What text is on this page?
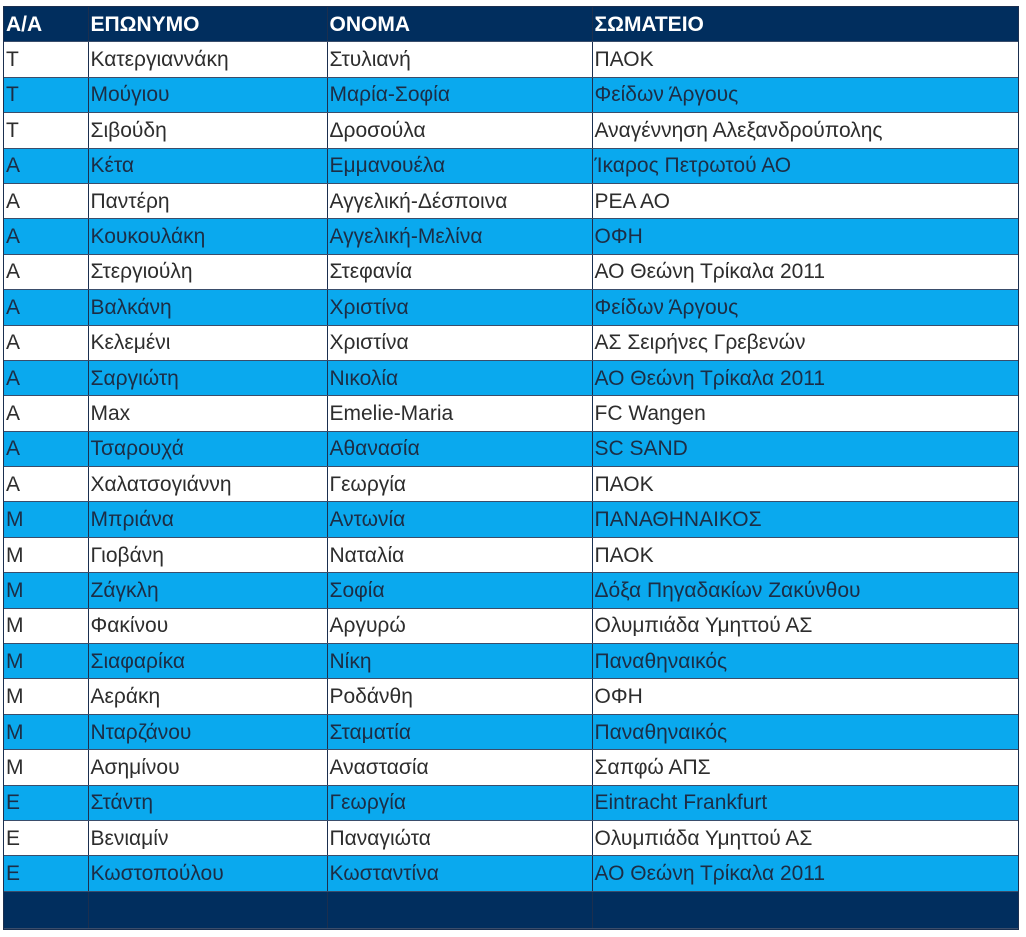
Α/Α	ΕΠΩΝΥΜΟ	ΟΝΟΜΑ	ΣΩΜΑΤΕΙΟ
Τ	Κατεργιαννάκη	Στυλιανή	ΠΑΟΚ
Τ	Μούγιου	Μαρία-Σοφία	Φείδων Άργους
Τ	Σιβούδη	Δροσούλα	Αναγέννηση Αλεξανδρούπολης
Α	Κέτα	Εμμανουέλα	Ίκαρος Πετρωτού ΑΟ
Α	Παντέρη	Αγγελική-Δέσποινα	ΡΕΑ ΑΟ
Α	Κουκουλάκη	Αγγελική-Μελίνα	ΟΦΗ
Α	Στεργιούλη	Στεφανία	ΑΟ Θεώνη Τρίκαλα 2011
Α	Βαλκάνη	Χριστίνα	Φείδων Άργους
Α	Κελεμένι	Χριστίνα	ΑΣ Σειρήνες Γρεβενών
Α	Σαργιώτη	Νικολία	ΑΟ Θεώνη Τρίκαλα 2011
Α	Max	Emelie-Maria	FC Wangen
Α	Τσαρουχά	Αθανασία	SC SAND
Α	Χαλατσογιάννη	Γεωργία	ΠΑΟΚ
Μ	Μπριάνα	Αντωνία	ΠΑΝΑΘΗΝΑΙΚΟΣ
Μ	Γιοβάνη	Ναταλία	ΠΑΟΚ
Μ	Ζάγκλη	Σοφία	Δόξα Πηγαδακίων Ζακύνθου
Μ	Φακίνου	Αργυρώ	Ολυμπιάδα Υμηττού ΑΣ
Μ	Σιαφαρίκα	Νίκη	Παναθηναικός
Μ	Αεράκη	Ροδάνθη	ΟΦΗ
Μ	Νταρζάνου	Σταματία	Παναθηναικός
Μ	Ασημίνου	Αναστασία	Σαπφώ ΑΠΣ
Ε	Στάντη	Γεωργία	Eintracht Frankfurt
Ε	Βενιαμίν	Παναγιώτα	Ολυμπιάδα Υμηττού ΑΣ
Ε	Κωστοπούλου	Κωσταντίνα	ΑΟ Θεώνη Τρίκαλα 2011
